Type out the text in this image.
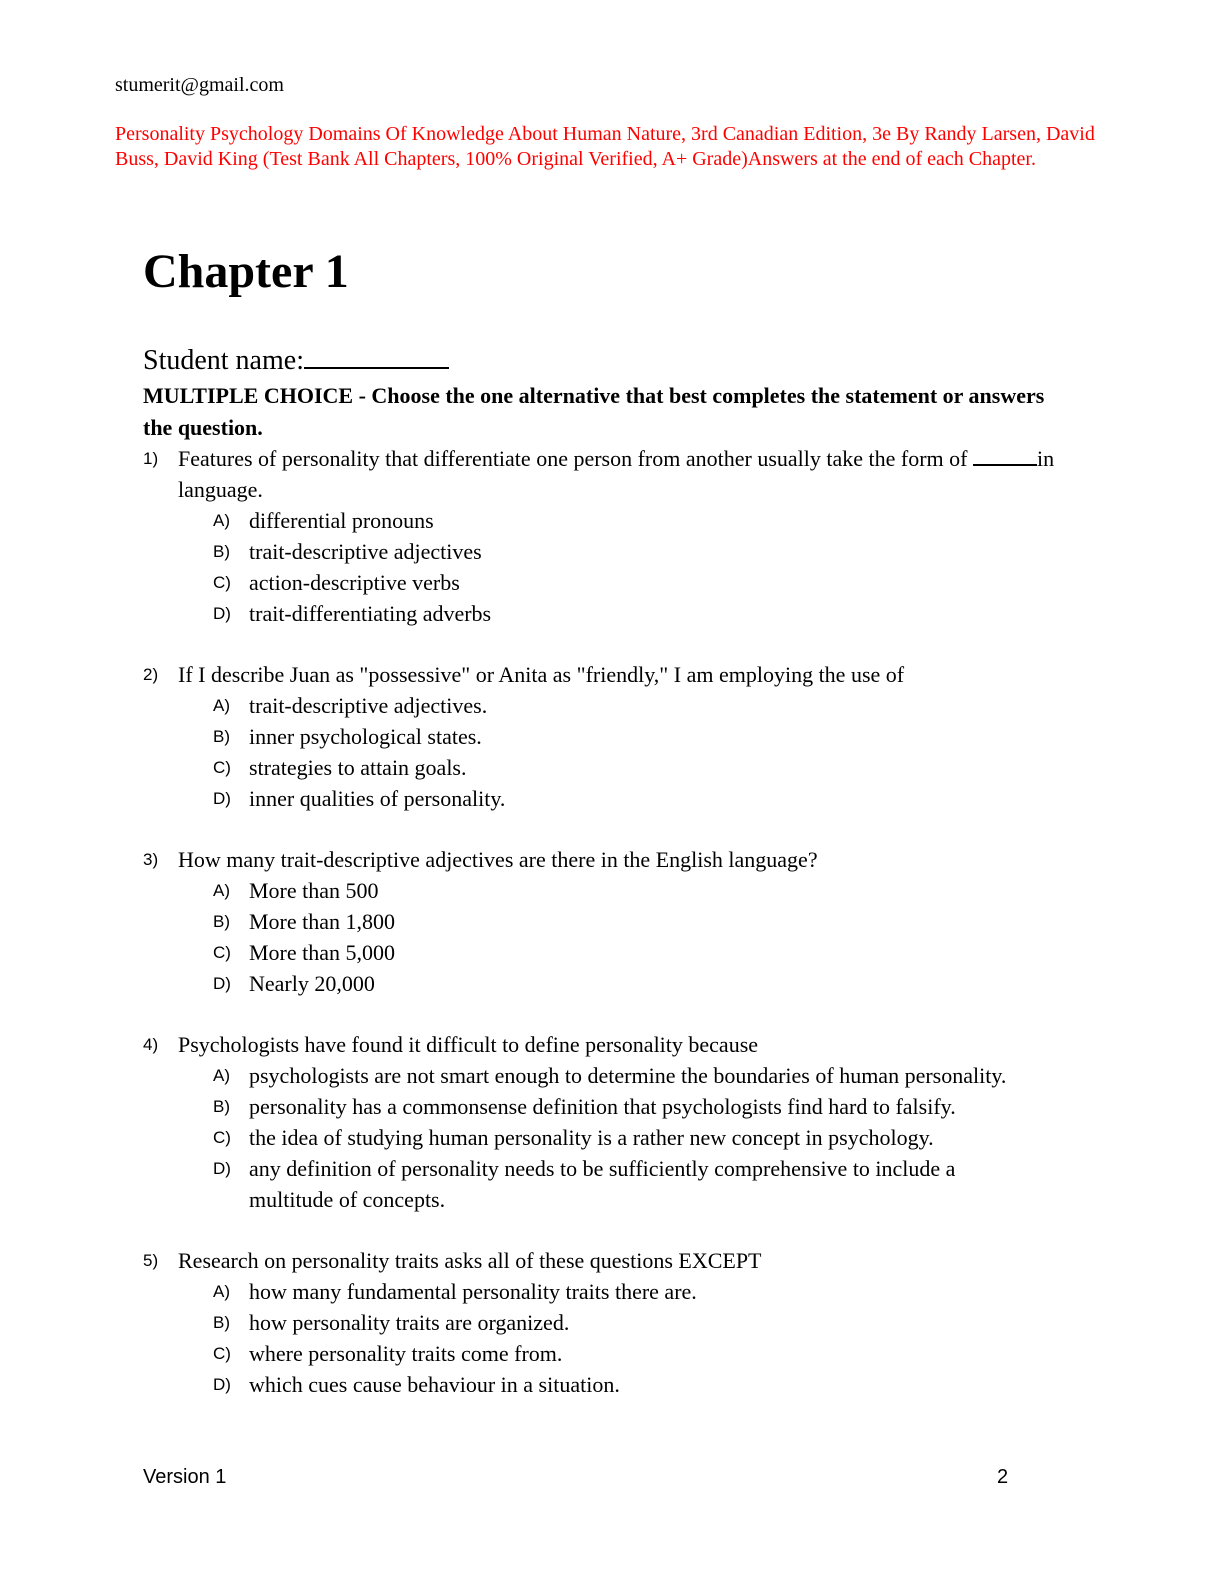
stumerit@gmail.com
Personality Psychology Domains Of Knowledge About Human Nature, 3rd Canadian Edition, 3e By Randy Larsen, David Buss, David King (Test Bank All Chapters, 100% Original Verified, A+ Grade)Answers at the end of each Chapter.
Chapter 1
Student name:
MULTIPLE CHOICE - Choose the one alternative that best completes the statement or answers the question.
1) Features of personality that differentiate one person from another usually take the form of	in language.
A) differential pronouns
B) trait-descriptive adjectives
C) action-descriptive verbs
D) trait-differentiating adverbs
2) If I describe Juan as "possessive" or Anita as "friendly," I am employing the use of
A) trait-descriptive adjectives.
B) inner psychological states.
C) strategies to attain goals.
D) inner qualities of personality.
3) How many trait-descriptive adjectives are there in the English language?
A) More than 500
B) More than 1,800
C) More than 5,000
D) Nearly 20,000
4) Psychologists have found it difficult to define personality because
A) psychologists are not smart enough to determine the boundaries of human personality.
B) personality has a commonsense definition that psychologists find hard to falsify.
C) the idea of studying human personality is a rather new concept in psychology.
D) any definition of personality needs to be sufficiently comprehensive to include a multitude of concepts.
5) Research on personality traits asks all of these questions EXCEPT
A) how many fundamental personality traits there are.
B) how personality traits are organized.
C) where personality traits come from.
D) which cues cause behaviour in a situation.
Version 1	2
